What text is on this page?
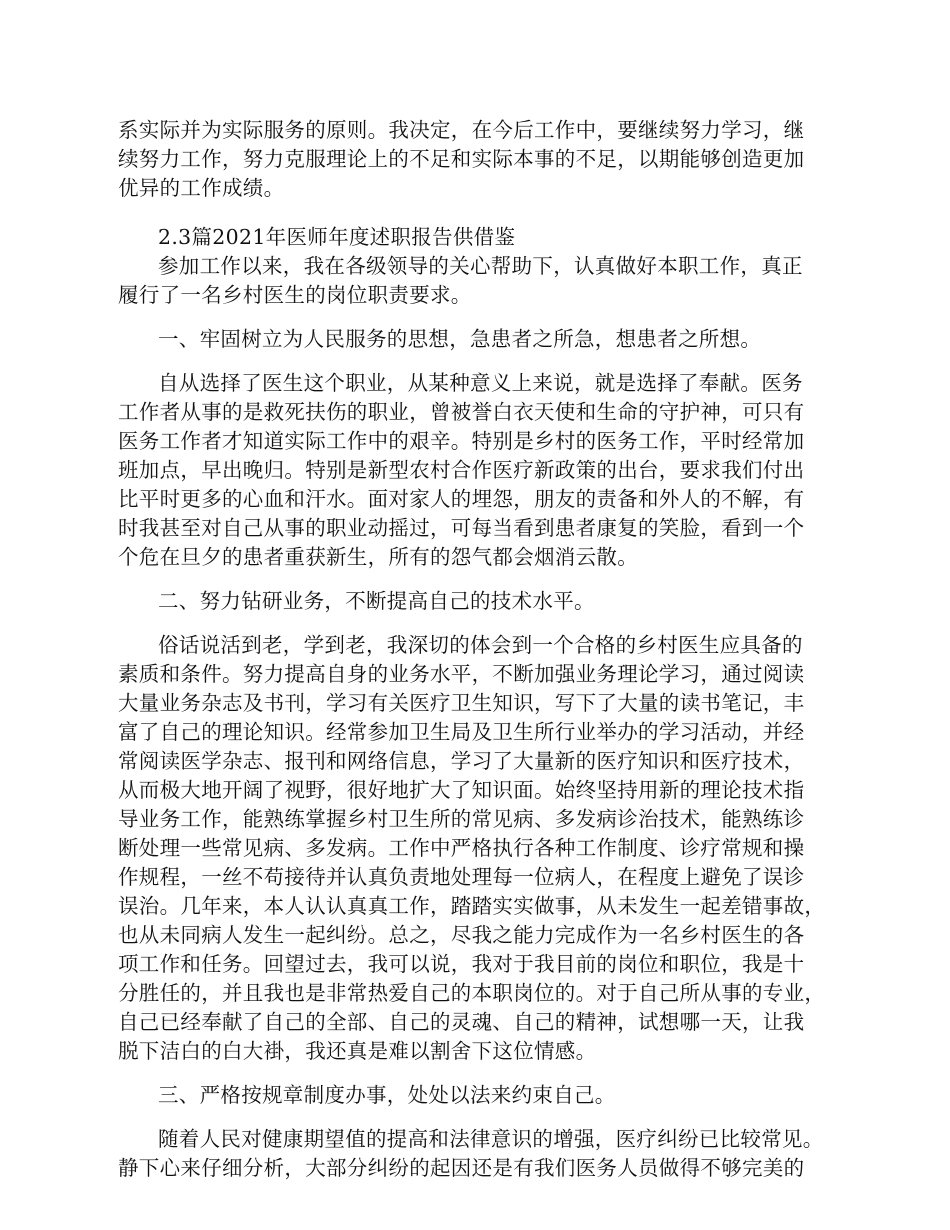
系实际并为实际服务的原则。我决定，在今后工作中，要继续努力学习，继
续努力工作，努力克服理论上的不足和实际本事的不足，以期能够创造更加
优异的工作成绩。
2.3篇2021年医师年度述职报告供借鉴
参加工作以来，我在各级领导的关心帮助下，认真做好本职工作，真正
履行了一名乡村医生的岗位职责要求。
一、牢固树立为人民服务的思想，急患者之所急，想患者之所想。
自从选择了医生这个职业，从某种意义上来说，就是选择了奉献。医务
工作者从事的是救死扶伤的职业，曾被誉白衣天使和生命的守护神，可只有
医务工作者才知道实际工作中的艰辛。特别是乡村的医务工作，平时经常加
班加点，早出晚归。特别是新型农村合作医疗新政策的出台，要求我们付出
比平时更多的心血和汗水。面对家人的埋怨，朋友的责备和外人的不解，有
时我甚至对自己从事的职业动摇过，可每当看到患者康复的笑脸，看到一个
个危在旦夕的患者重获新生，所有的怨气都会烟消云散。
二、努力钻研业务，不断提高自己的技术水平。
俗话说活到老，学到老，我深切的体会到一个合格的乡村医生应具备的
素质和条件。努力提高自身的业务水平，不断加强业务理论学习，通过阅读
大量业务杂志及书刊，学习有关医疗卫生知识，写下了大量的读书笔记，丰
富了自己的理论知识。经常参加卫生局及卫生所行业举办的学习活动，并经
常阅读医学杂志、报刊和网络信息，学习了大量新的医疗知识和医疗技术，
从而极大地开阔了视野，很好地扩大了知识面。始终坚持用新的理论技术指
导业务工作，能熟练掌握乡村卫生所的常见病、多发病诊治技术，能熟练诊
断处理一些常见病、多发病。工作中严格执行各种工作制度、诊疗常规和操
作规程，一丝不苟接待并认真负责地处理每一位病人，在程度上避免了误诊
误治。几年来，本人认认真真工作，踏踏实实做事，从未发生一起差错事故，
也从未同病人发生一起纠纷。总之，尽我之能力完成作为一名乡村医生的各
项工作和任务。回望过去，我可以说，我对于我目前的岗位和职位，我是十
分胜任的，并且我也是非常热爱自己的本职岗位的。对于自己所从事的专业，
自己已经奉献了自己的全部、自己的灵魂、自己的精神，试想哪一天，让我
脱下洁白的白大褂，我还真是难以割舍下这位情感。
三、严格按规章制度办事，处处以法来约束自己。
随着人民对健康期望值的提高和法律意识的增强，医疗纠纷已比较常见。
静下心来仔细分析，大部分纠纷的起因还是有我们医务人员做得不够完美的
